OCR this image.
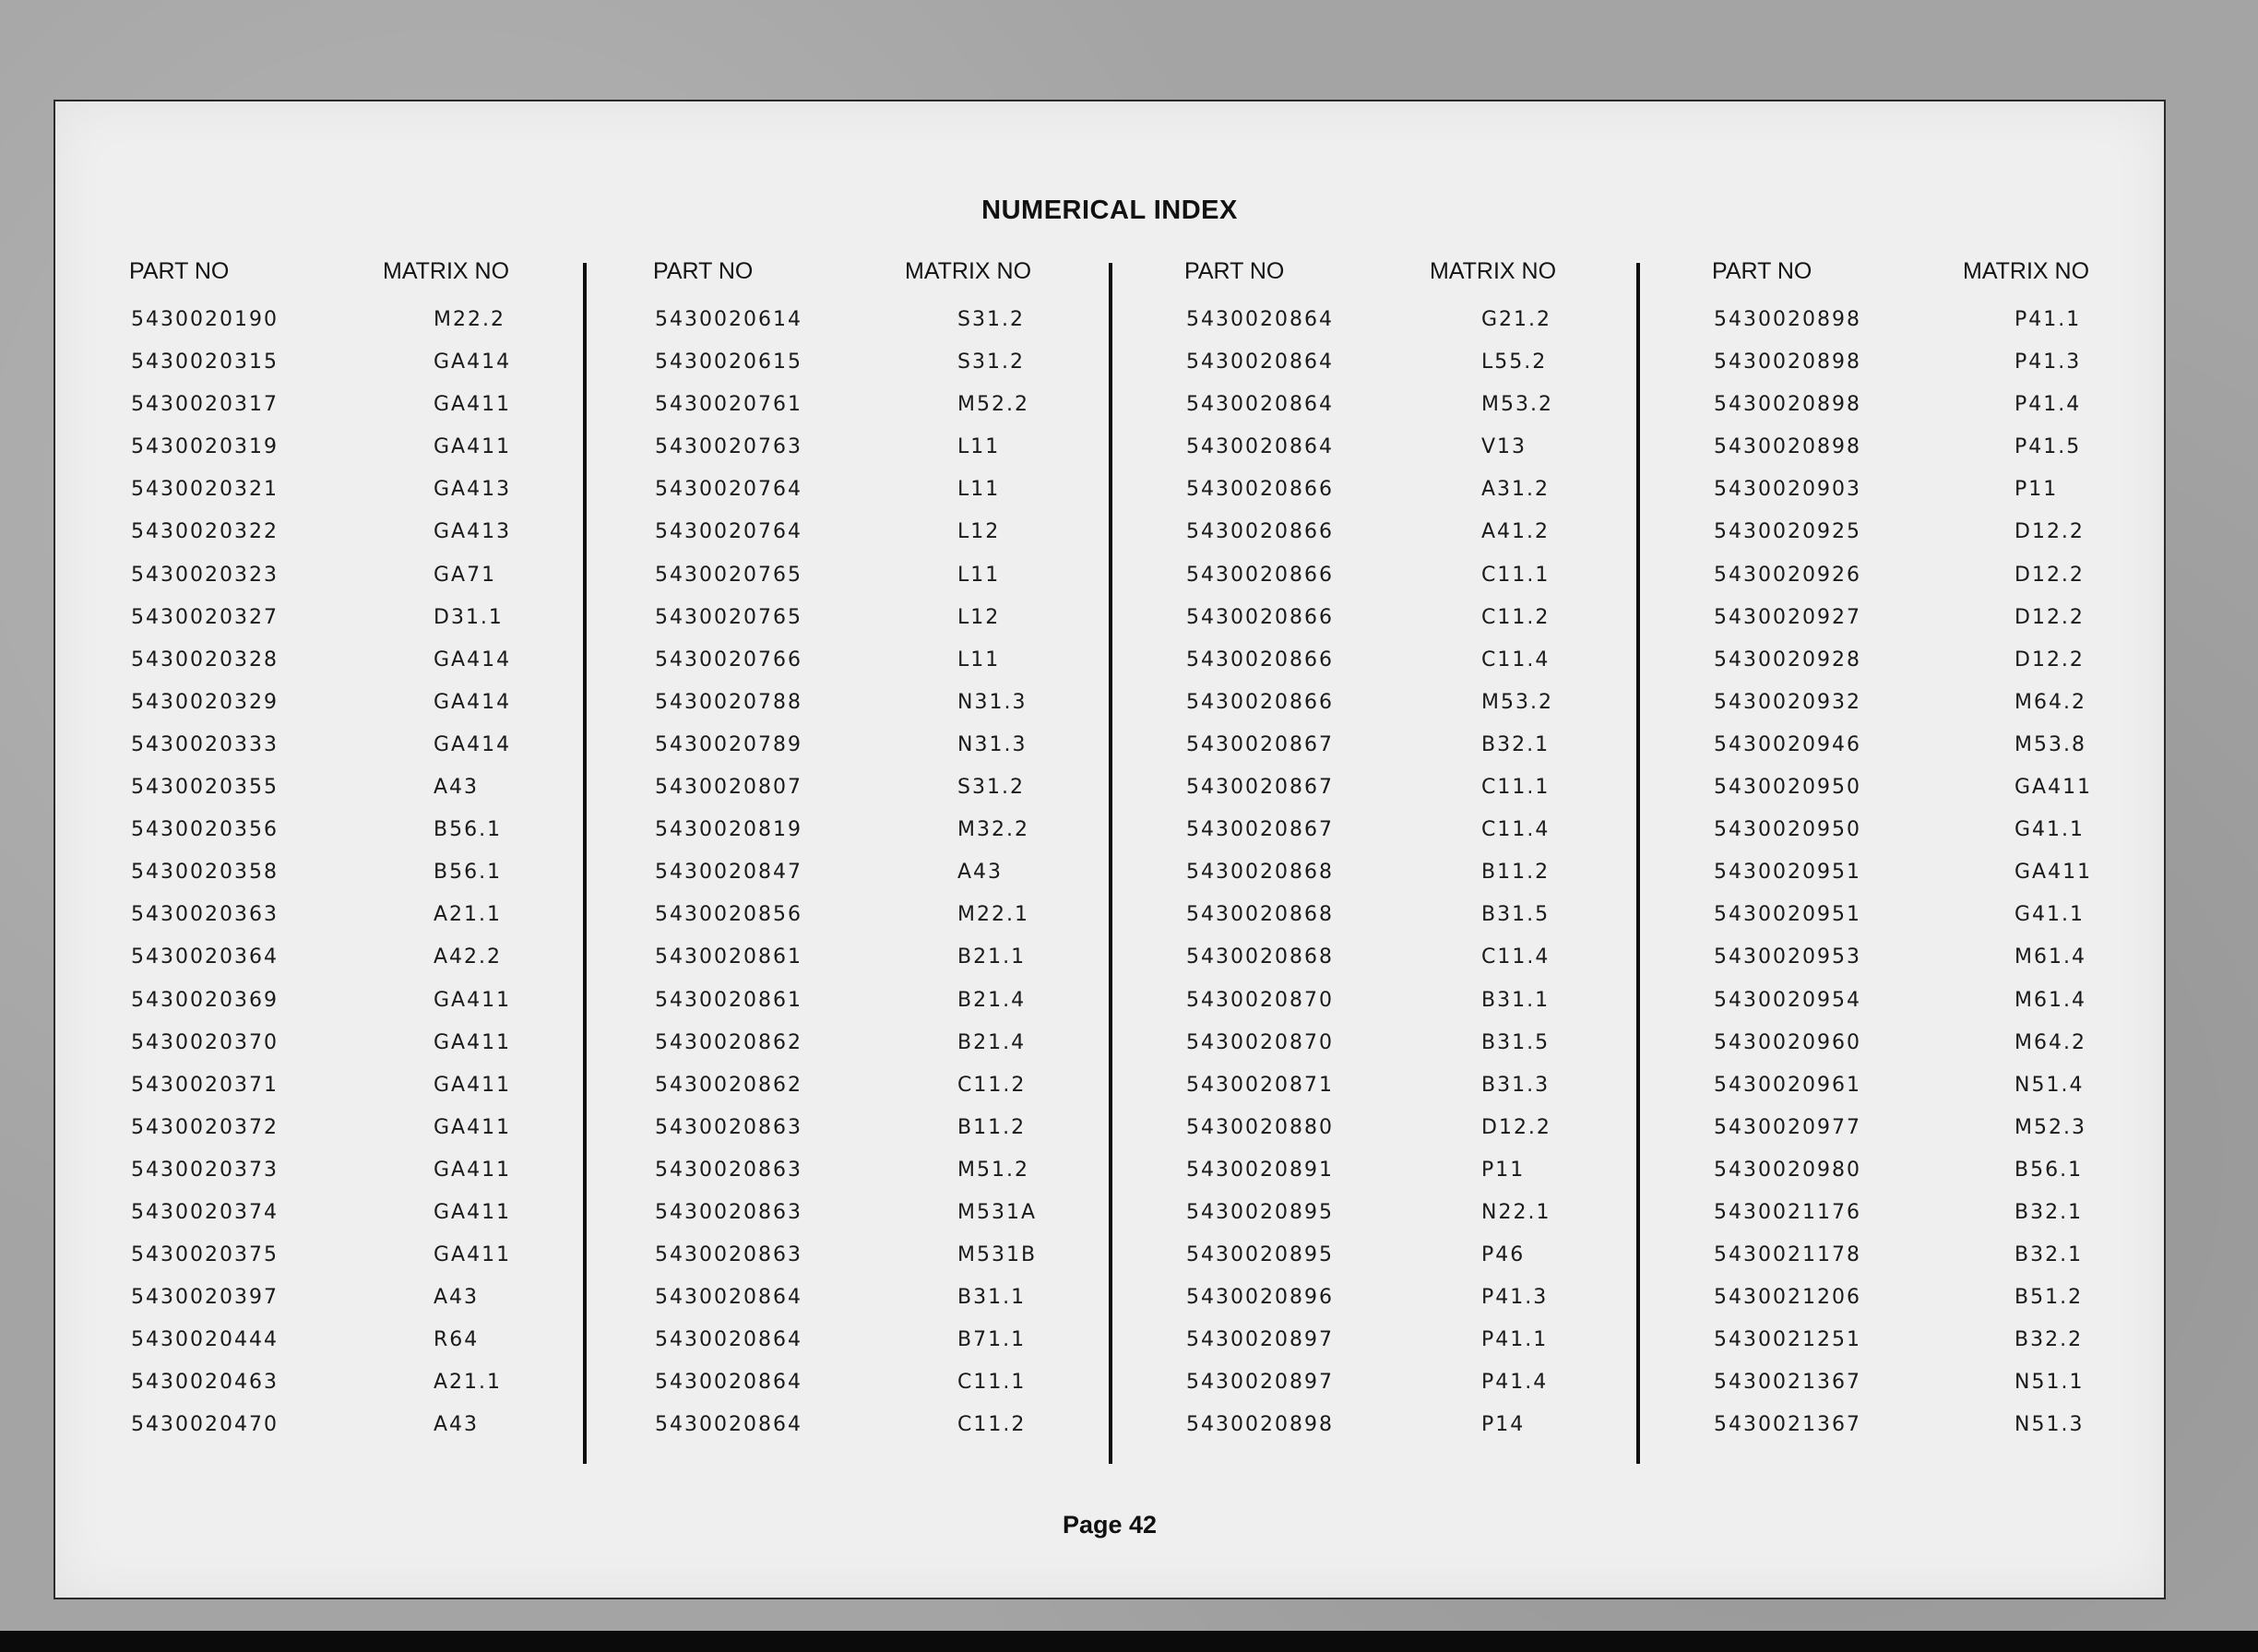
NUMERICAL INDEX
PART NO	MATRIX NO
5430020190	M22.2
5430020315	GA414
5430020317	GA411
5430020319	GA411
5430020321	GA413
5430020322	GA413
5430020323	GA71
5430020327	D31.1
5430020328	GA414
5430020329	GA414
5430020333	GA414
5430020355	A43
5430020356	B56.1
5430020358	B56.1
5430020363	A21.1
5430020364	A42.2
5430020369	GA411
5430020370	GA411
5430020371	GA411
5430020372	GA411
5430020373	GA411
5430020374	GA411
5430020375	GA411
5430020397	A43
5430020444	R64
5430020463	A21.1
5430020470	A43
PART NO	MATRIX NO
5430020614	S31.2
5430020615	S31.2
5430020761	M52.2
5430020763	L11
5430020764	L11
5430020764	L12
5430020765	L11
5430020765	L12
5430020766	L11
5430020788	N31.3
5430020789	N31.3
5430020807	S31.2
5430020819	M32.2
5430020847	A43
5430020856	M22.1
5430020861	B21.1
5430020861	B21.4
5430020862	B21.4
5430020862	C11.2
5430020863	B11.2
5430020863	M51.2
5430020863	M531A
5430020863	M531B
5430020864	B31.1
5430020864	B71.1
5430020864	C11.1
5430020864	C11.2
PART NO	MATRIX NO
5430020864	G21.2
5430020864	L55.2
5430020864	M53.2
5430020864	V13
5430020866	A31.2
5430020866	A41.2
5430020866	C11.1
5430020866	C11.2
5430020866	C11.4
5430020866	M53.2
5430020867	B32.1
5430020867	C11.1
5430020867	C11.4
5430020868	B11.2
5430020868	B31.5
5430020868	C11.4
5430020870	B31.1
5430020870	B31.5
5430020871	B31.3
5430020880	D12.2
5430020891	P11
5430020895	N22.1
5430020895	P46
5430020896	P41.3
5430020897	P41.1
5430020897	P41.4
5430020898	P14
PART NO	MATRIX NO
5430020898	P41.1
5430020898	P41.3
5430020898	P41.4
5430020898	P41.5
5430020903	P11
5430020925	D12.2
5430020926	D12.2
5430020927	D12.2
5430020928	D12.2
5430020932	M64.2
5430020946	M53.8
5430020950	GA411
5430020950	G41.1
5430020951	GA411
5430020951	G41.1
5430020953	M61.4
5430020954	M61.4
5430020960	M64.2
5430020961	N51.4
5430020977	M52.3
5430020980	B56.1
5430021176	B32.1
5430021178	B32.1
5430021206	B51.2
5430021251	B32.2
5430021367	N51.1
5430021367	N51.3
Page 42
